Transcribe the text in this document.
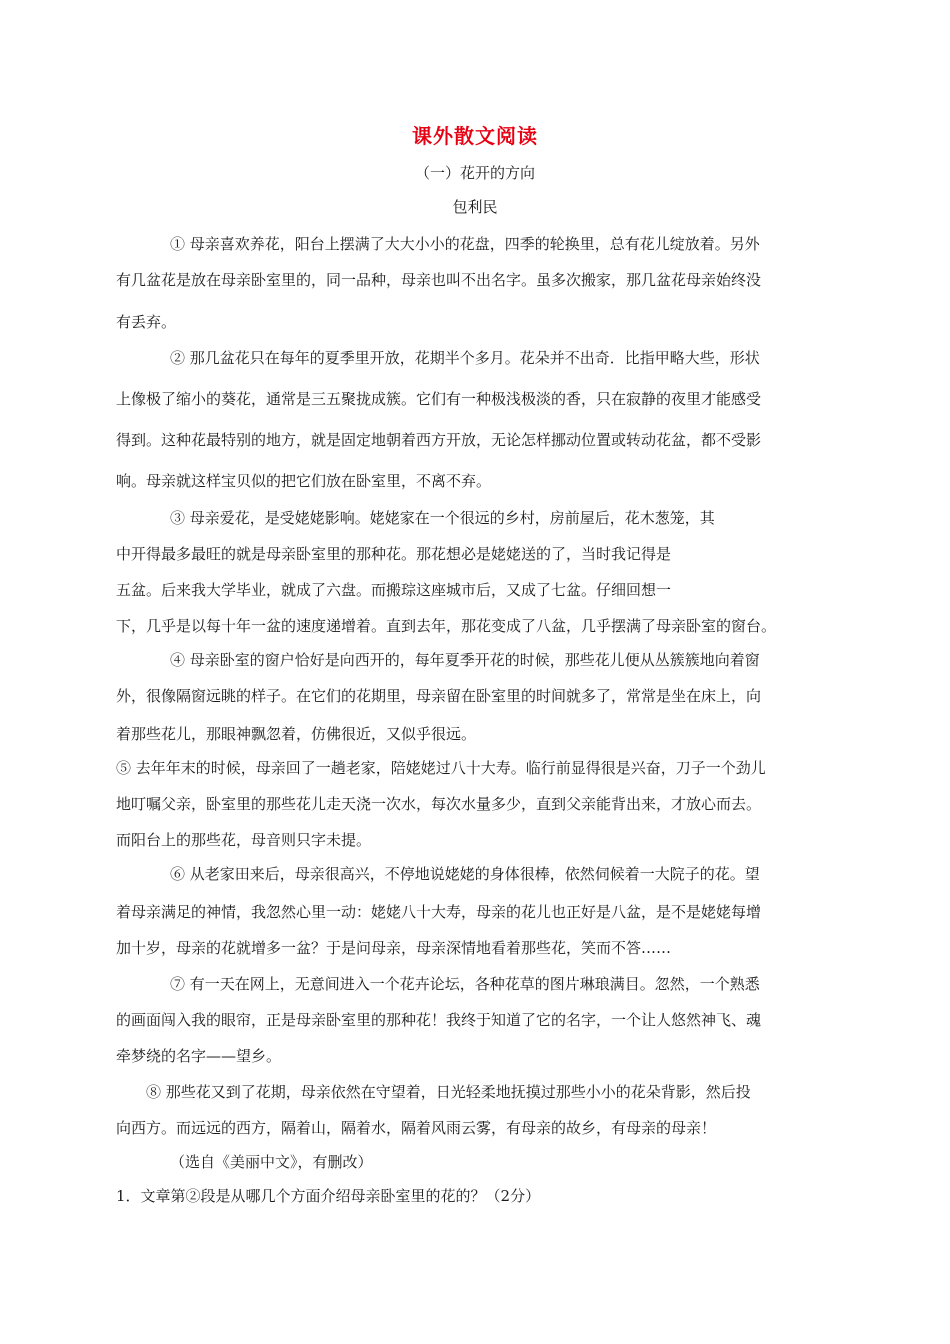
课外散文阅读
（一）花开的方向
包利民
① 母亲喜欢养花，阳台上摆满了大大小小的花盘，四季的轮换里，总有花儿绽放着。另外
有几盆花是放在母亲卧室里的，同一品种，母亲也叫不出名字。虽多次搬家，那几盆花母亲始终没
有丢弃。
② 那几盆花只在每年的夏季里开放，花期半个多月。花朵并不出奇．比指甲略大些，形状
上像极了缩小的葵花，通常是三五聚拢成簇。它们有一种极浅极淡的香，只在寂静的夜里才能感受
得到。这种花最特别的地方，就是固定地朝着西方开放，无论怎样挪动位置或转动花盆，都不受影
响。母亲就这样宝贝似的把它们放在卧室里，不离不弃。
③ 母亲爱花，是受姥姥影响。姥姥家在一个很远的乡村，房前屋后，花木葱笼，其
中开得最多最旺的就是母亲卧室里的那种花。那花想必是姥姥送的了，当时我记得是
五盆。后来我大学毕业，就成了六盘。而搬琮这座城市后，又成了七盆。仔细回想一
下，几乎是以每十年一盆的速度递增着。直到去年，那花变成了八盆，几乎摆满了母亲卧室的窗台。
④ 母亲卧室的窗户恰好是向西开的，每年夏季开花的时候，那些花儿便从丛簇簇地向着窗
外，很像隔窗远眺的样子。在它们的花期里，母亲留在卧室里的时间就多了，常常是坐在床上，向
着那些花儿，那眼神飘忽着，仿佛很近，又似乎很远。
⑤ 去年年末的时候，母亲回了一趟老家，陪姥姥过八十大寿。临行前显得很是兴奋，刀子一个劲儿
地叮嘱父亲，卧室里的那些花儿走天浇一次水，每次水量多少，直到父亲能背出来，才放心而去。
而阳台上的那些花，母音则只字未提。
⑥ 从老家田来后，母亲很高兴，不停地说姥姥的身体很棒，依然伺候着一大院子的花。望
着母亲满足的神情，我忽然心里一动：姥姥八十大寿，母亲的花儿也正好是八盆，是不是姥姥每增
加十岁，母亲的花就增多一盆？于是问母亲，母亲深情地看着那些花，笑而不答……
⑦ 有一天在网上，无意间进入一个花卉论坛，各种花草的图片琳琅满目。忽然，一个熟悉
的画面闯入我的眼帘，正是母亲卧室里的那种花！我终于知道了它的名字，一个让人悠然神飞、魂
牵梦绕的名字——望乡。
⑧ 那些花又到了花期，母亲依然在守望着，日光轻柔地抚摸过那些小小的花朵背影，然后投
向西方。而远远的西方，隔着山，隔着水，隔着风雨云雾，有母亲的故乡，有母亲的母亲！
（选自《美丽中文》，有删改）
1．文章第②段是从哪几个方面介绍母亲卧室里的花的？（2分）
